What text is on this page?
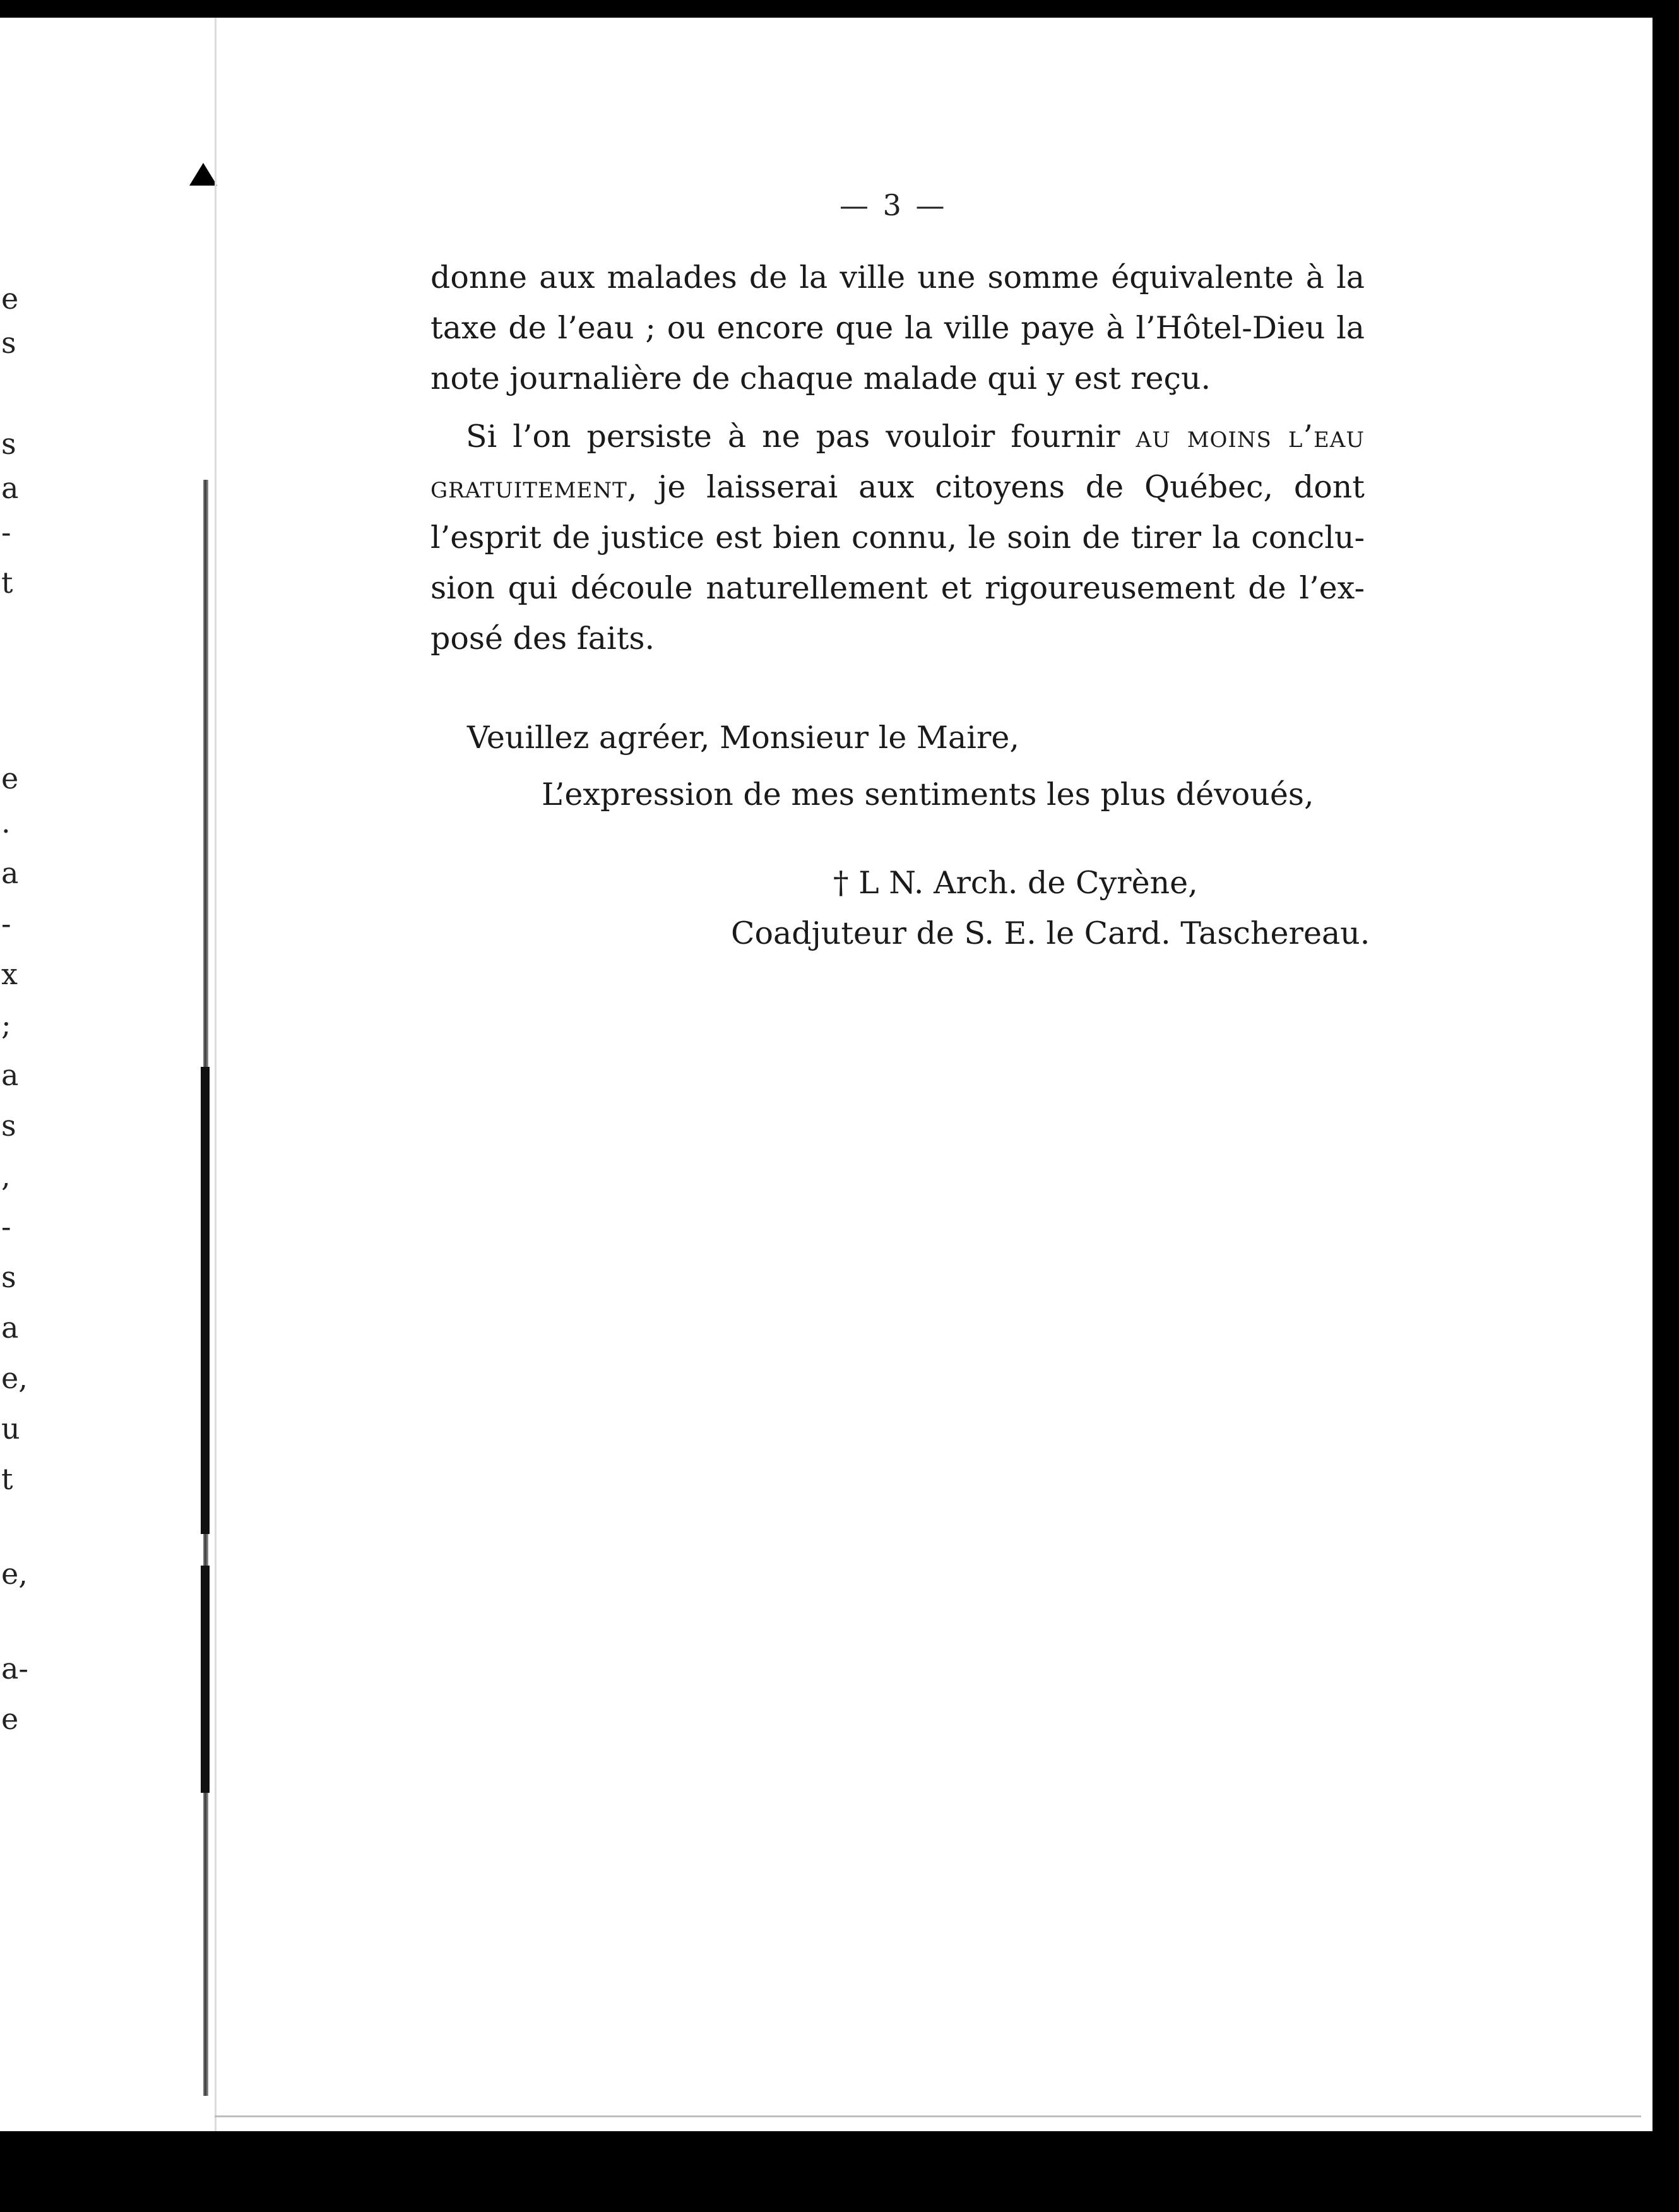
e
s
s
a
-
t
e
.
a
-
x
;
a
s
,
-
s
a
e,
u
t
e,
a-
e
— 3 —

donne aux malades de la ville une somme équivalente à la
taxe de l’eau ; ou encore que la ville paye à l’Hôtel-Dieu la
note journalière de chaque malade qui y est reçu.

Si l’on persiste à ne pas vouloir fournir au moins l’eau
gratuitement, je laisserai aux citoyens de Québec, dont
l’esprit de justice est bien connu, le soin de tirer la conclu-
sion qui découle naturellement et rigoureusement de l’ex-
posé des faits.

Veuillez agréer, Monsieur le Maire,
L’expression de mes sentiments les plus dévoués,
† L N. Arch. de Cyrène,
Coadjuteur de S. E. le Card. Taschereau.
